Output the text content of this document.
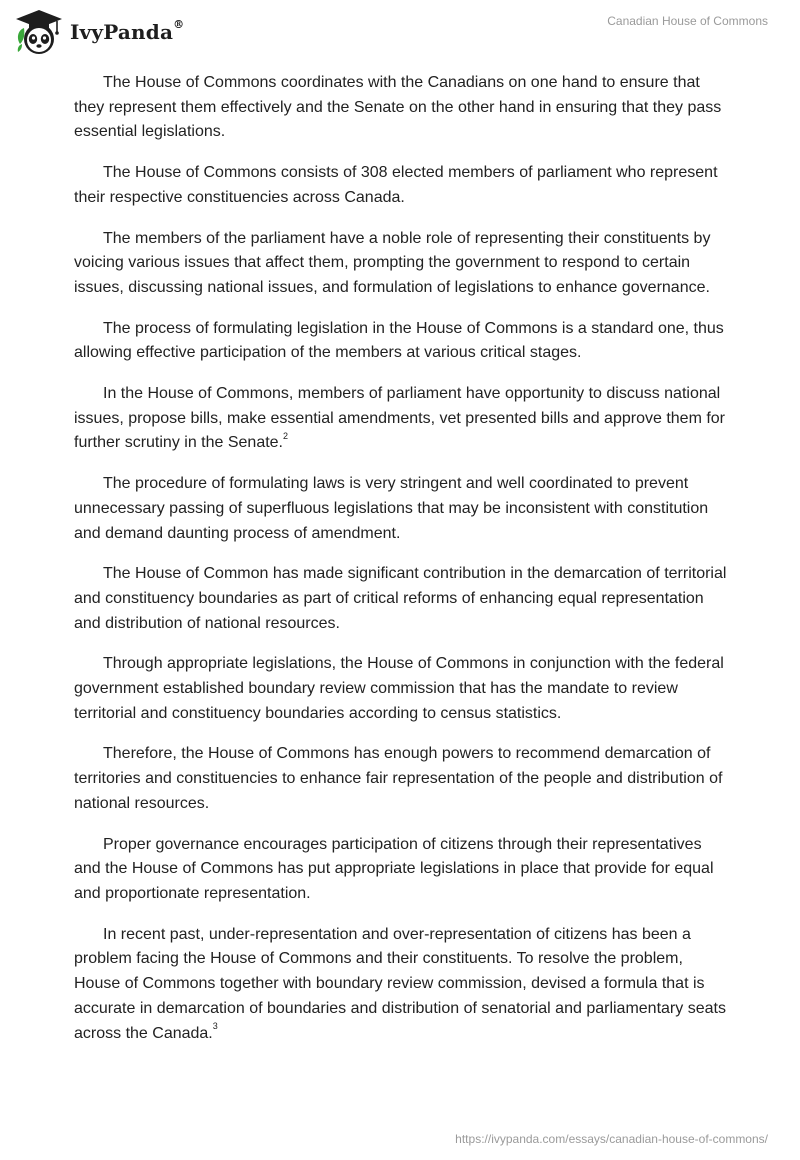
IvyPanda®	Canadian House of Commons

The House of Commons coordinates with the Canadians on one hand to ensure that they represent them effectively and the Senate on the other hand in ensuring that they pass essential legislations.

The House of Commons consists of 308 elected members of parliament who represent their respective constituencies across Canada.

The members of the parliament have a noble role of representing their constituents by voicing various issues that affect them, prompting the government to respond to certain issues, discussing national issues, and formulation of legislations to enhance governance.

The process of formulating legislation in the House of Commons is a standard one, thus allowing effective participation of the members at various critical stages.

In the House of Commons, members of parliament have opportunity to discuss national issues, propose bills, make essential amendments, vet presented bills and approve them for further scrutiny in the Senate.$^2$

The procedure of formulating laws is very stringent and well coordinated to prevent unnecessary passing of superfluous legislations that may be inconsistent with constitution and demand daunting process of amendment.

The House of Common has made significant contribution in the demarcation of territorial and constituency boundaries as part of critical reforms of enhancing equal representation and distribution of national resources.

Through appropriate legislations, the House of Commons in conjunction with the federal government established boundary review commission that has the mandate to review territorial and constituency boundaries according to census statistics.

Therefore, the House of Commons has enough powers to recommend demarcation of territories and constituencies to enhance fair representation of the people and distribution of national resources.

Proper governance encourages participation of citizens through their representatives and the House of Commons has put appropriate legislations in place that provide for equal and proportionate representation.

In recent past, under-representation and over-representation of citizens has been a problem facing the House of Commons and their constituents. To resolve the problem, House of Commons together with boundary review commission, devised a formula that is accurate in demarcation of boundaries and distribution of senatorial and parliamentary seats across the Canada.$^3$

https://ivypanda.com/essays/canadian-house-of-commons/
